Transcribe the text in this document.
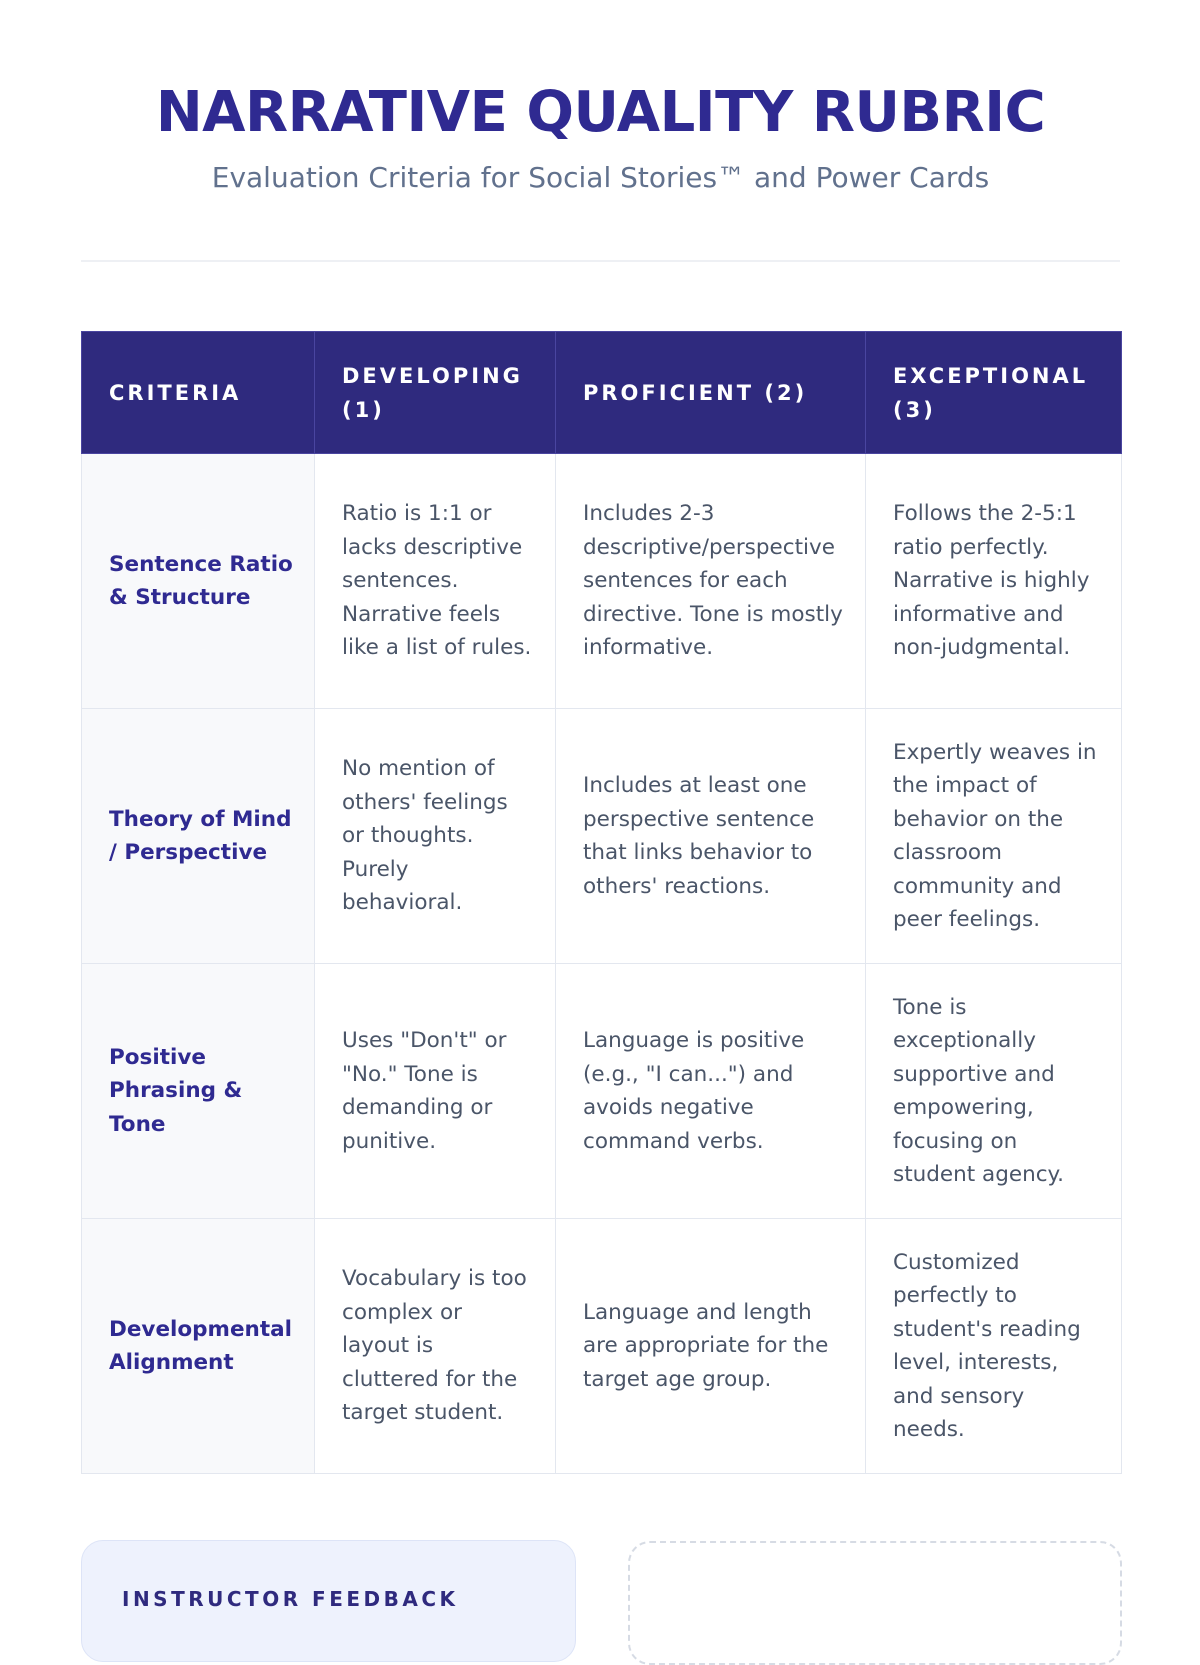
NARRATIVE QUALITY RUBRIC

Evaluation Criteria for Social Stories™ and Power Cards

CRITERIA	DEVELOPING (1)	PROFICIENT (2)	EXCEPTIONAL (3)
Sentence Ratio & Structure	Ratio is 1:1 or lacks descriptive sentences. Narrative feels like a list of rules.	Includes 2-3 descriptive/perspective sentences for each directive. Tone is mostly informative.	Follows the 2-5:1 ratio perfectly. Narrative is highly informative and non-judgmental.
Theory of Mind / Perspective	No mention of others' feelings or thoughts. Purely behavioral.	Includes at least one perspective sentence that links behavior to others' reactions.	Expertly weaves in the impact of behavior on the classroom community and peer feelings.
Positive Phrasing & Tone	Uses "Don't" or "No." Tone is demanding or punitive.	Language is positive (e.g., "I can...") and avoids negative command verbs.	Tone is exceptionally supportive and empowering, focusing on student agency.
Developmental Alignment	Vocabulary is too complex or layout is cluttered for the target student.	Language and length are appropriate for the target age group.	Customized perfectly to student's reading level, interests, and sensory needs.

INSTRUCTOR FEEDBACK
